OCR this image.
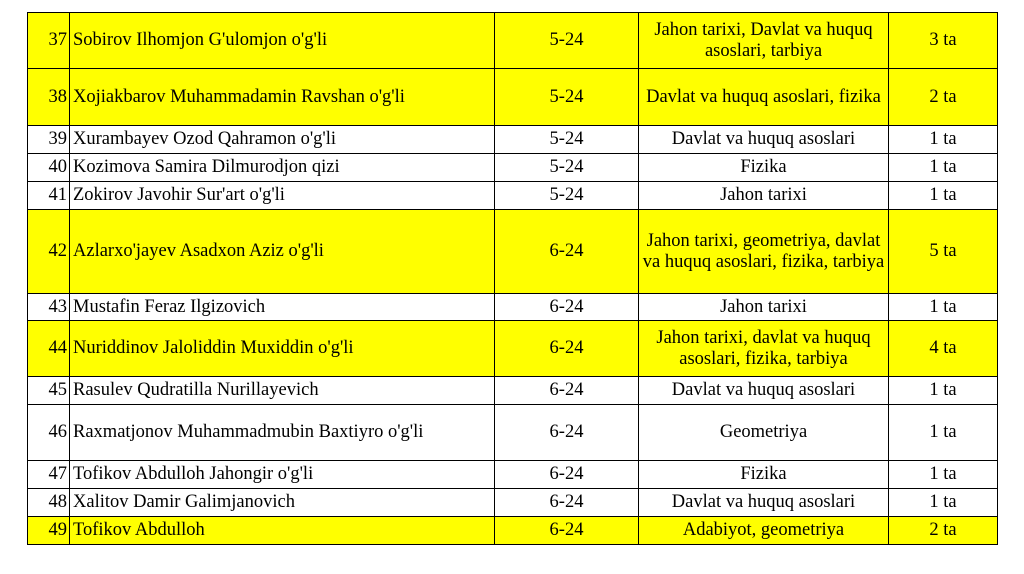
37	Sobirov Ilhomjon G'ulomjon o'g'li	5-24	Jahon tarixi, Davlat va huquq asoslari, tarbiya	3 ta
38	Xojiakbarov Muhammadamin Ravshan o'g'li	5-24	Davlat va huquq asoslari, fizika	2 ta
39	Xurambayev Ozod Qahramon o'g'li	5-24	Davlat va huquq asoslari	1 ta
40	Kozimova Samira Dilmurodjon qizi	5-24	Fizika	1 ta
41	Zokirov Javohir Sur'art o'g'li	5-24	Jahon tarixi	1 ta
42	Azlarxo'jayev Asadxon Aziz o'g'li	6-24	Jahon tarixi, geometriya, davlat va huquq asoslari, fizika, tarbiya	5 ta
43	Mustafin Feraz Ilgizovich	6-24	Jahon tarixi	1 ta
44	Nuriddinov Jaloliddin Muxiddin o'g'li	6-24	Jahon tarixi, davlat va huquq asoslari, fizika, tarbiya	4 ta
45	Rasulev Qudratilla Nurillayevich	6-24	Davlat va huquq asoslari	1 ta
46	Raxmatjonov Muhammadmubin Baxtiyro o'g'li	6-24	Geometriya	1 ta
47	Tofikov Abdulloh Jahongir o'g'li	6-24	Fizika	1 ta
48	Xalitov Damir Galimjanovich	6-24	Davlat va huquq asoslari	1 ta
49	Tofikov Abdulloh	6-24	Adabiyot, geometriya	2 ta
